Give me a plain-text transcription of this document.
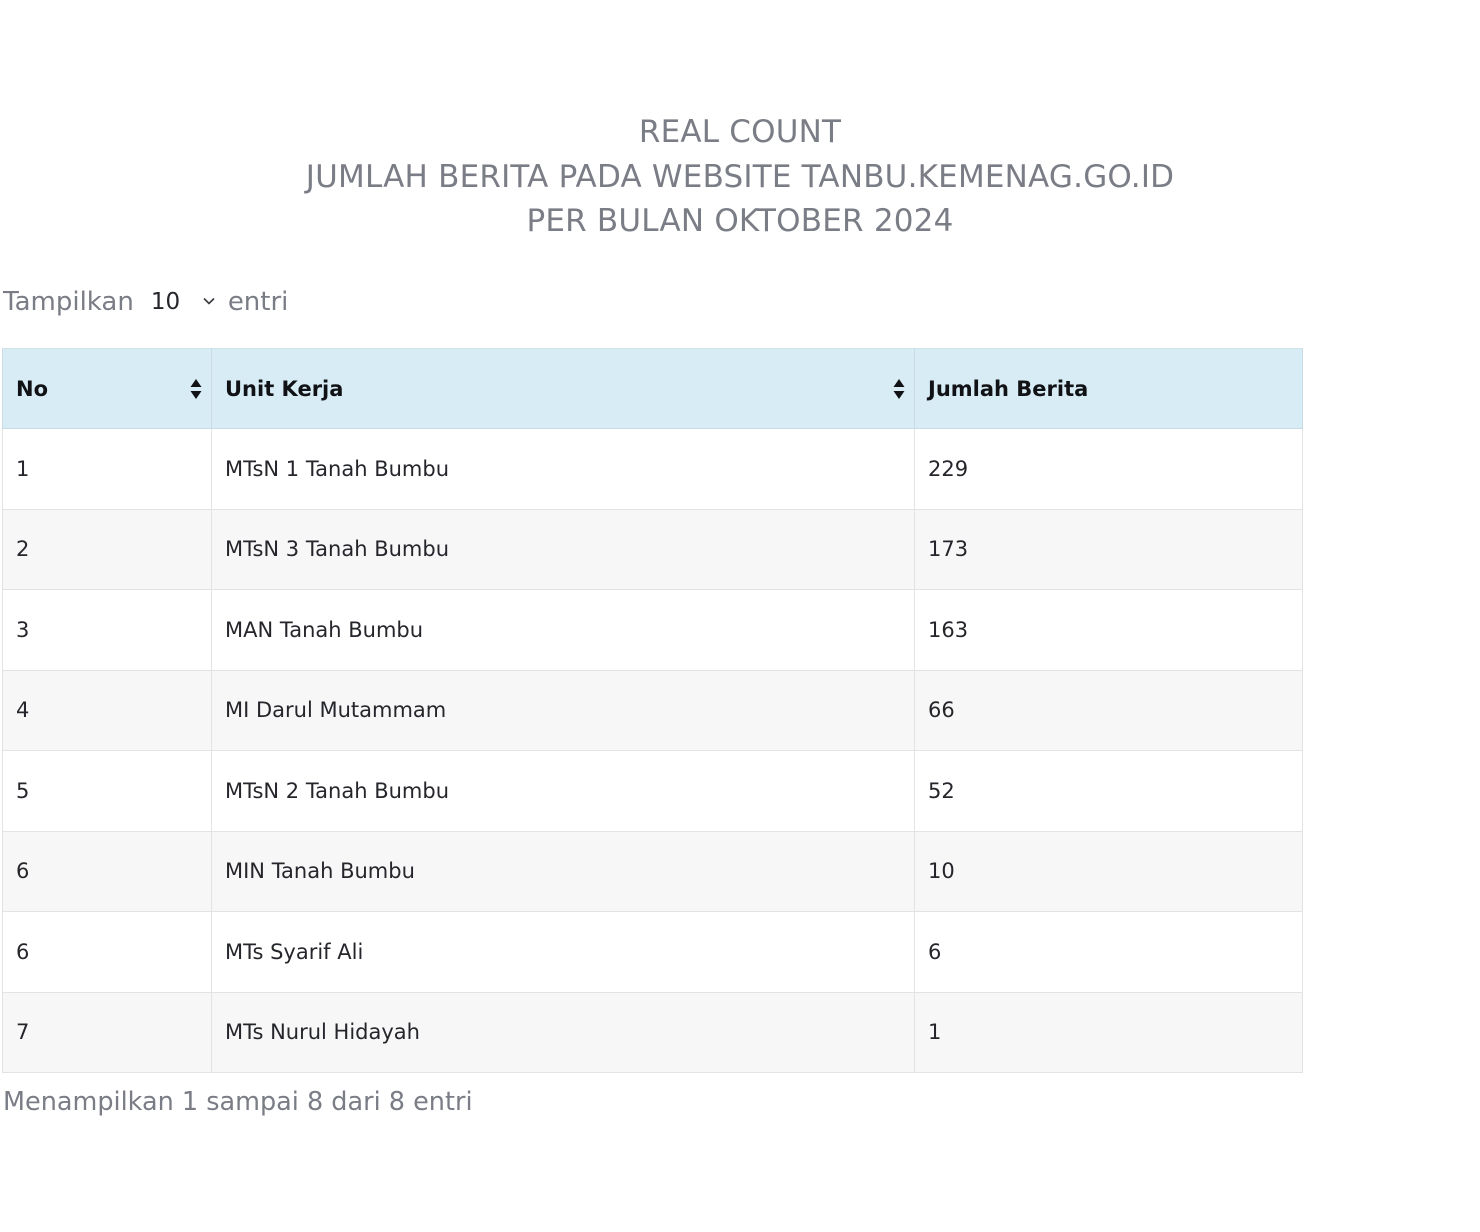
REAL COUNT
JUMLAH BERITA PADA WEBSITE TANBU.KEMENAG.GO.ID
PER BULAN OKTOBER 2024
Tampilkan 10 entri
No	Unit Kerja	Jumlah Berita
1	MTsN 1 Tanah Bumbu	229
2	MTsN 3 Tanah Bumbu	173
3	MAN Tanah Bumbu	163
4	MI Darul Mutammam	66
5	MTsN 2 Tanah Bumbu	52
6	MIN Tanah Bumbu	10
6	MTs Syarif Ali	6
7	MTs Nurul Hidayah	1
Menampilkan 1 sampai 8 dari 8 entri
